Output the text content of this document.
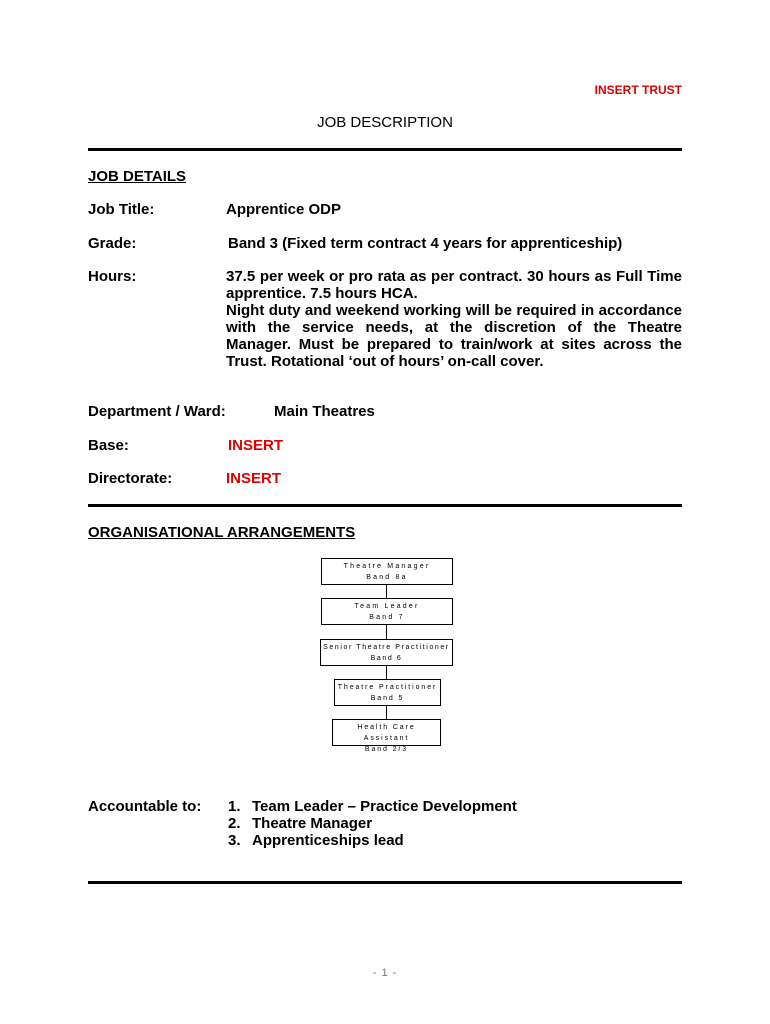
INSERT TRUST
JOB DESCRIPTION
JOB DETAILS
Job Title:	Apprentice ODP
Grade:	Band 3 (Fixed term contract 4 years for apprenticeship)
Hours:	37.5 per week or pro rata as per contract. 30 hours as Full Time apprentice. 7.5 hours HCA.

Night duty and weekend working will be required in accordance with the service needs, at the discretion of the Theatre Manager. Must be prepared to train/work at sites across the Trust. Rotational ‘out of hours’ on-call cover.

Department / Ward:	Main Theatres
Base:	INSERT
Directorate:	INSERT
ORGANISATIONAL ARRANGEMENTS
Theatre Manager
Band 8a
Team Leader
Band 7
Senior Theatre Practitioner
Band 6
Theatre Practitioner
Band 5
Health Care Assistant
Band 2/3
Accountable to: 1. Team Leader – Practice Development
2. Theatre Manager
3. Apprenticeships lead
- 1 -
